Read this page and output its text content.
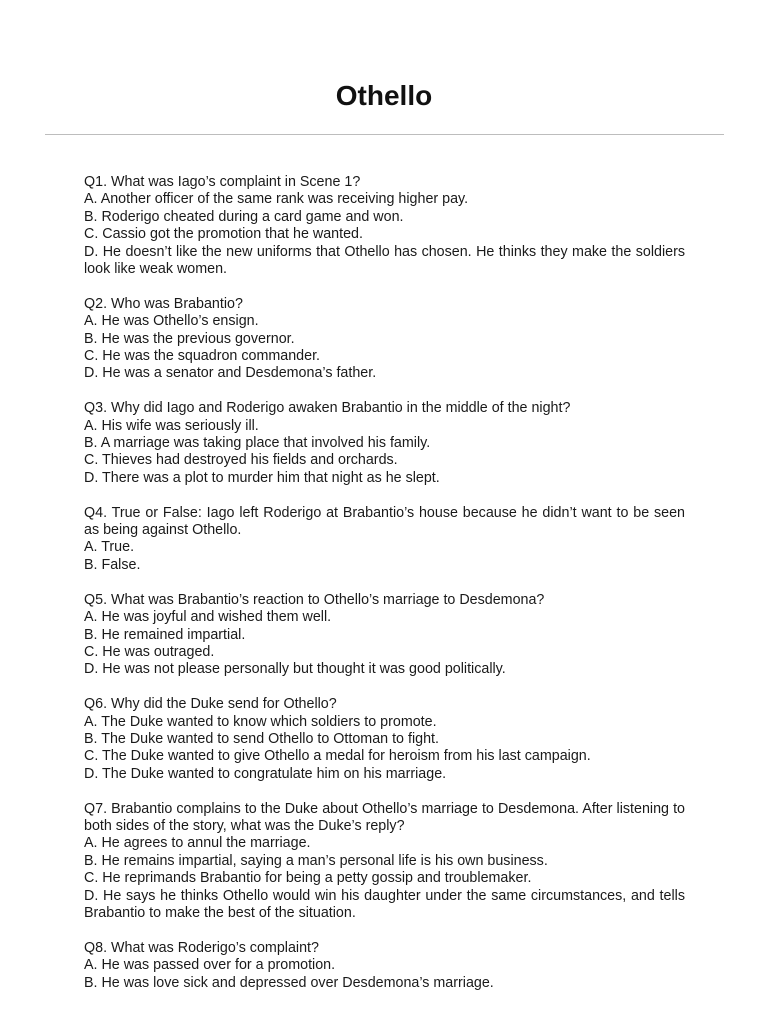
Othello
Q1. What was Iago’s complaint in Scene 1?
A. Another officer of the same rank was receiving higher pay.
B. Roderigo cheated during a card game and won.
C. Cassio got the promotion that he wanted.
D. He doesn’t like the new uniforms that Othello has chosen. He thinks they make the soldiers look like weak women.
Q2. Who was Brabantio?
A. He was Othello’s ensign.
B. He was the previous governor.
C. He was the squadron commander.
D. He was a senator and Desdemona’s father.
Q3. Why did Iago and Roderigo awaken Brabantio in the middle of the night?
A. His wife was seriously ill.
B. A marriage was taking place that involved his family.
C. Thieves had destroyed his fields and orchards.
D. There was a plot to murder him that night as he slept.
Q4. True or False: Iago left Roderigo at Brabantio’s house because he didn’t want to be seen as being against Othello.
A. True.
B. False.
Q5. What was Brabantio’s reaction to Othello’s marriage to Desdemona?
A. He was joyful and wished them well.
B. He remained impartial.
C. He was outraged.
D. He was not please personally but thought it was good politically.
Q6. Why did the Duke send for Othello?
A. The Duke wanted to know which soldiers to promote.
B. The Duke wanted to send Othello to Ottoman to fight.
C. The Duke wanted to give Othello a medal for heroism from his last campaign.
D. The Duke wanted to congratulate him on his marriage.
Q7. Brabantio complains to the Duke about Othello’s marriage to Desdemona. After listening to both sides of the story, what was the Duke’s reply?
A. He agrees to annul the marriage.
B. He remains impartial, saying a man’s personal life is his own business.
C. He reprimands Brabantio for being a petty gossip and troublemaker.
D. He says he thinks Othello would win his daughter under the same circumstances, and tells Brabantio to make the best of the situation.
Q8. What was Roderigo’s complaint?
A. He was passed over for a promotion.
B. He was love sick and depressed over Desdemona’s marriage.
